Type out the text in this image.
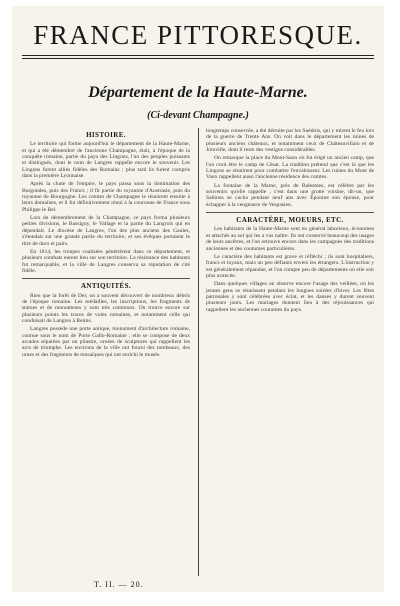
FRANCE PITTORESQUE.
Département de la Haute-Marne.
(Ci-devant Champagne.)
HISTOIRE.

Le territoire qui forme aujourd'hui le département de la Haute-Marne, et qui a été démembré de l'ancienne Champagne, était, à l'époque de la conquête romaine, partie du pays des Lingons, l'un des peuples puissants et distingués, dont le nom de Langres rappelle encore le souvenir. Les Lingons furent alliés fidèles des Romains ; plus tard ils furent compris dans la première Lyonnaise.

Après la chute de l'empire, le pays passa sous la domination des Burgondes, puis des Francs ; il fit partie du royaume d'Austrasie, puis du royaume de Bourgogne. Les comtes de Champagne le réunirent ensuite à leurs domaines, et il fut définitivement réuni à la couronne de France sous Philippe le Bel.

Lors du démembrement de la Champagne, ce pays forma plusieurs petites divisions, le Bassigny, le Vallage et la partie du Langrois qui en dépendait. Le diocèse de Langres, l'un des plus anciens des Gaules, s'étendait sur une grande partie du territoire, et ses évêques portaient le titre de ducs et pairs.

En 1814, les troupes coalisées pénétrèrent dans ce département, et plusieurs combats eurent lieu sur son territoire. La résistance des habitants fut remarquable, et la ville de Langres conserva sa réputation de cité fidèle.

ANTIQUITÉS.

Rien que la forêt de Der, on a souvent découvert de nombreux débris de l'époque romaine. Les médailles, les inscriptions, les fragments de statues et de monuments y sont très communs. On trouve encore sur plusieurs points les traces de voies romaines, et notamment celle qui conduisait de Langres à Reims.

Langres possède une porte antique, monument d'architecture romaine, connue sous le nom de Porte Gallo-Romaine ; elle se compose de deux arcades séparées par un pilastre, ornées de sculptures qui rappellent les arcs de triomphe. Les environs de la ville ont fourni des tombeaux, des urnes et des fragments de mosaïques qui ont enrichi le musée.

longtemps conservée, a été détruite par les Suédois, qui y mirent le feu lors de la guerre de Trente Ans. On voit dans le département les ruines de plusieurs anciens châteaux, et notamment ceux de Châteauvillain et de Joinville, dont il reste des vestiges considérables.

On remarque la place du Mont-Saon où fut érigé un ancien camp, que l'on croit être le camp de César. La tradition prétend que c'est là que les Lingons se réunirent pour combattre l'envahisseur. Les ruines du Mont de Vaux rappellent aussi l'ancienne résidence des comtes.

La fontaine de la Marne, près de Balesmes, est célèbre par les souvenirs qu'elle rappelle ; c'est dans une grotte voisine, dit-on, que Sabinus se cacha pendant neuf ans avec Éponine son épouse, pour échapper à la vengeance de Vespasien.

CARACTÈRE, MOEURS, ETC.

Les habitants de la Haute-Marne sont en général laborieux, économes et attachés au sol qui les a vus naître. Ils ont conservé beaucoup des usages de leurs ancêtres, et l'on retrouve encore dans les campagnes des traditions anciennes et des coutumes particulières.

Le caractère des habitants est grave et réfléchi ; ils sont hospitaliers, francs et loyaux, mais un peu défiants envers les étrangers. L'instruction y est généralement répandue, et l'on compte peu de départements où elle soit plus avancée.

Dans quelques villages on observe encore l'usage des veillées, où les jeunes gens se réunissent pendant les longues soirées d'hiver. Les fêtes patronales y sont célébrées avec éclat, et les danses y durent souvent plusieurs jours. Les mariages donnent lieu à des réjouissances qui rappellent les anciennes coutumes du pays.

T. II. — 20.
